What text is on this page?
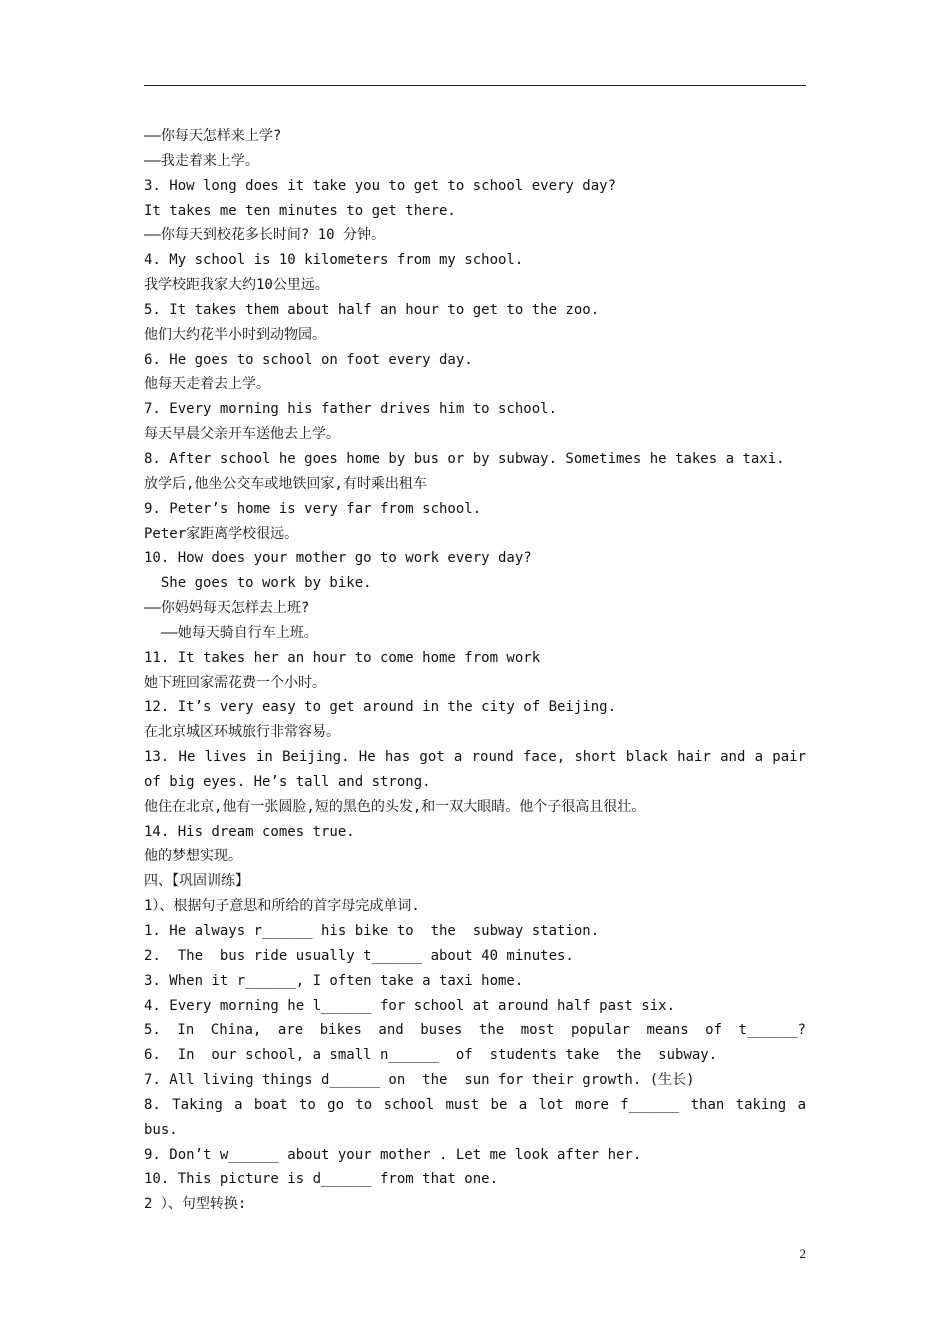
——你每天怎样来上学?
——我走着来上学。
3. How long does it take you to get to school every day?
It takes me ten minutes to get there.
——你每天到校花多长时间? 10 分钟。
4. My school is 10 kilometers from my school.
我学校距我家大约10公里远。
5. It takes them about half an hour to get to the zoo.
他们大约花半小时到动物园。
6. He goes to school on foot every day.
他每天走着去上学。
7. Every morning his father drives him to school.
每天早晨父亲开车送他去上学。
8. After school he goes home by bus or by subway. Sometimes he takes a taxi.
放学后,他坐公交车或地铁回家,有时乘出租车
9. Peter’s home is very far from school.
Peter家距离学校很远。
10. How does your mother go to work every day?
She goes to work by bike.
——你妈妈每天怎样去上班?
——她每天骑自行车上班。
11. It takes her an hour to come home from work
她下班回家需花费一个小时。
12. It’s very easy to get around in the city of Beijing.
在北京城区环城旅行非常容易。
13. He lives in Beijing. He has got a round face, short black hair and a pair
of big eyes. He’s tall and strong.
他住在北京,他有一张圆脸,短的黑色的头发,和一双大眼睛。他个子很高且很壮。
14. His dream comes true.
他的梦想实现。
四、【巩固训练】
1）、根据句子意思和所给的首字母完成单词.
1. He always r______ his bike to  the  subway station.
2.  The  bus ride usually t______ about 40 minutes.
3. When it r______, I often take a taxi home.
4. Every morning he l______ for school at around half past six.
5. In China, are bikes and buses the most popular means of t______?
6.  In  our school, a small n______  of  students take  the  subway.
7. All living things d______ on  the  sun for their growth. (生长)
8. Taking a boat to go to school must be a lot more f______ than taking a
bus.
9. Don’t w______ about your mother . Let me look after her.
10. This picture is d______ from that one.
2 ）、句型转换:
2
